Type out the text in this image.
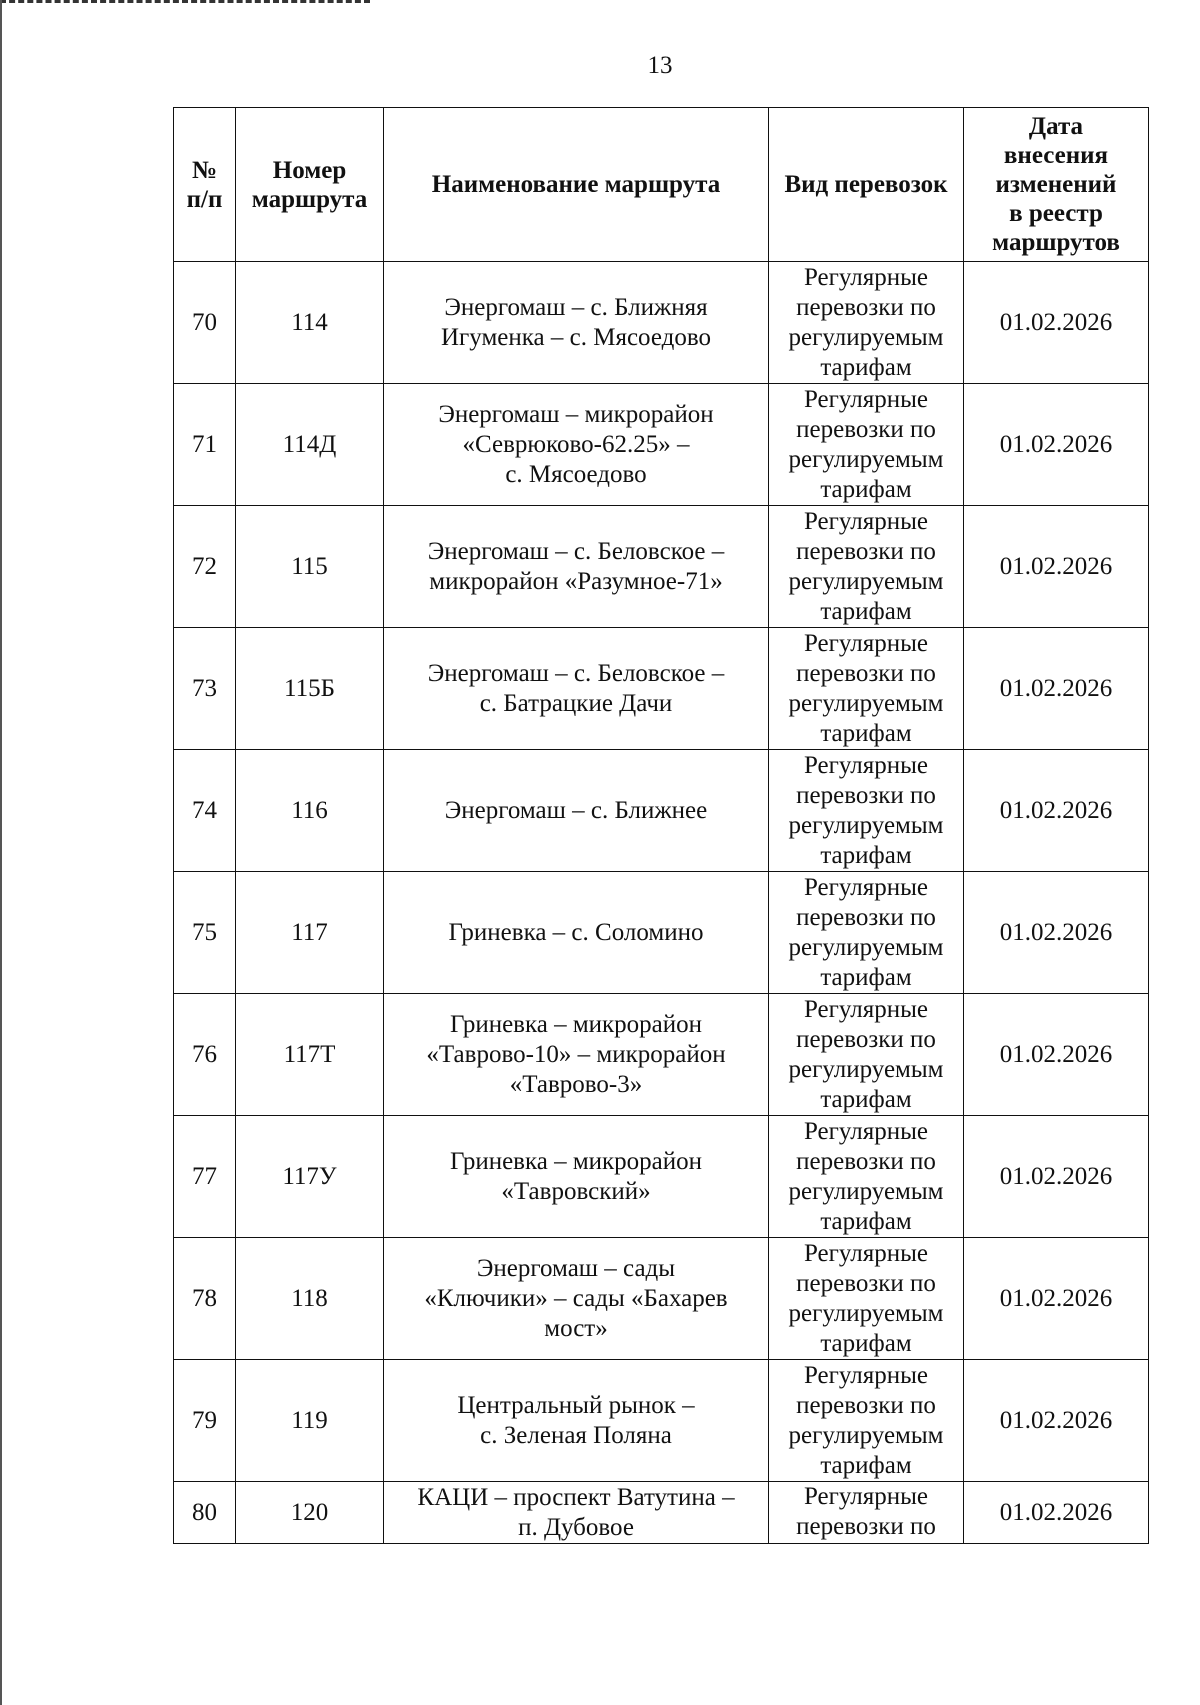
13
№
п/п	Номер
маршрута	Наименование маршрута	Вид перевозок	Дата
внесения
изменений
в реестр
маршрутов

70	114	Энергомаш – с. Ближняя
Игуменка – с. Мясоедово	Регулярные
перевозки по
регулируемым
тарифам	01.02.2026
71	114Д	Энергомаш – микрорайон
«Севрюково-62.25» –
с. Мясоедово	Регулярные
перевозки по
регулируемым
тарифам	01.02.2026
72	115	Энергомаш – с. Беловское –
микрорайон «Разумное-71»	Регулярные
перевозки по
регулируемым
тарифам	01.02.2026
73	115Б	Энергомаш – с. Беловское –
с. Батрацкие Дачи	Регулярные
перевозки по
регулируемым
тарифам	01.02.2026
74	116	Энергомаш – с. Ближнее	Регулярные
перевозки по
регулируемым
тарифам	01.02.2026
75	117	Гриневка – с. Соломино	Регулярные
перевозки по
регулируемым
тарифам	01.02.2026
76	117Т	Гриневка – микрорайон
«Таврово-10» – микрорайон
«Таврово-3»	Регулярные
перевозки по
регулируемым
тарифам	01.02.2026
77	117У	Гриневка – микрорайон
«Тавровский»	Регулярные
перевозки по
регулируемым
тарифам	01.02.2026
78	118	Энергомаш – сады
«Ключики» – сады «Бахарев
мост»	Регулярные
перевозки по
регулируемым
тарифам	01.02.2026
79	119	Центральный рынок –
с. Зеленая Поляна	Регулярные
перевозки по
регулируемым
тарифам	01.02.2026
80	120	КАЦИ – проспект Ватутина –
п. Дубовое	Регулярные
перевозки по	01.02.2026
